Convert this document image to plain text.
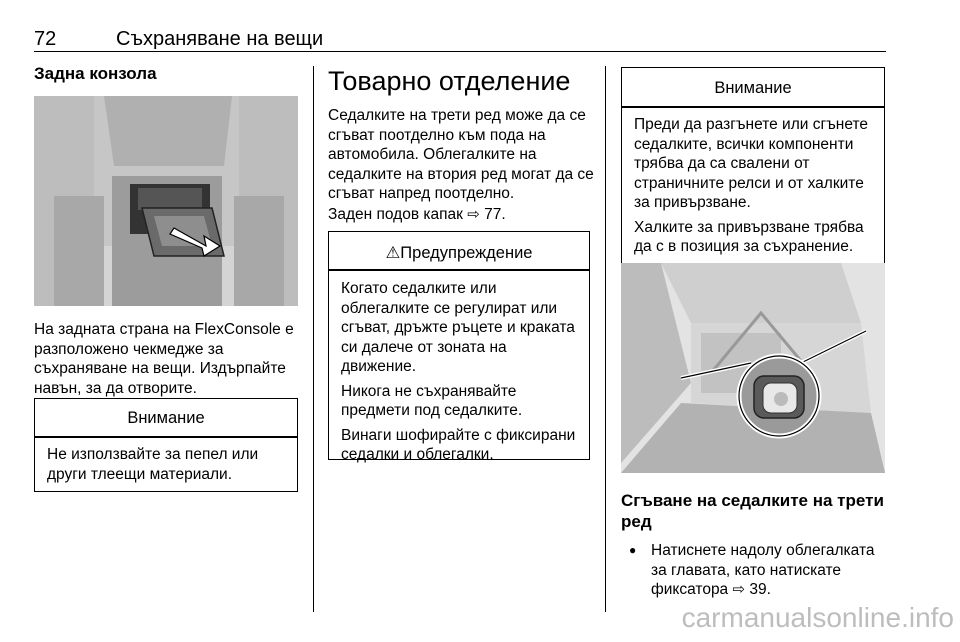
72	Съхраняване на вещи
Задна конзола

На задната страна на FlexConsole е разположено чекмедже за съхраняване на вещи. Издърпайте навън, за да отворите.

Внимание
Не използвайте за пепел или други тлеещи материали.
Товарно отделение

Седалките на трети ред може да се сгъват поотделно към пода на автомобила. Облегалките на седалките на втория ред могат да се сгъват напред поотделно.

Заден подов капак ⇨ 77.

⚠Предупреждение

Когато седалките или облегалките се регулират или сгъват, дръжте ръцете и краката си далече от зоната на движение.

Никога не съхранявайте предмети под седалките.

Винаги шофирайте с фиксирани седалки и облегалки.

Внимание

Преди да разгънете или сгънете седалките, всички компоненти трябва да са свалени от страничните релси и от халките за привързване.

Халките за привързване трябва да с в позиция за съхранение.

Сгъване на седалките на трети ред
● Натиснете надолу облегалката за главата, като натискате фиксатора ⇨ 39.
carmanualsonline.info
